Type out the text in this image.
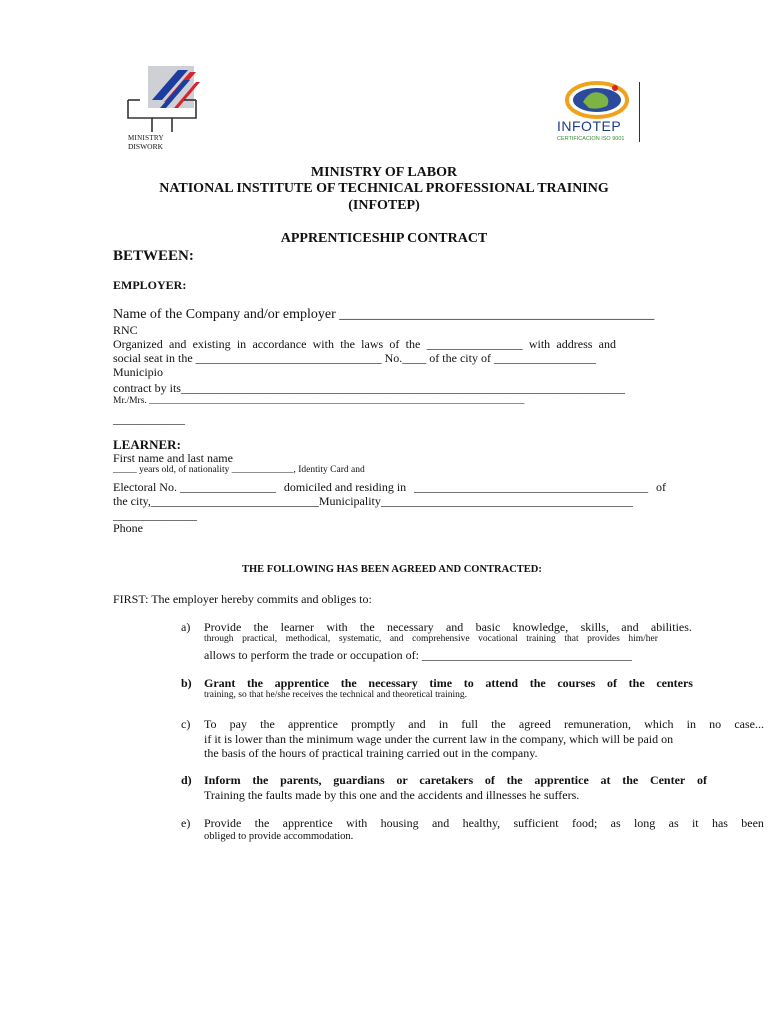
MINISTRY
DISWORK
INFOTEP
CERTIFICACION ISO 9001
MINISTRY OF LABOR
NATIONAL INSTITUTE OF TECHNICAL PROFESSIONAL TRAINING
(INFOTEP)
APPRENTICESHIP CONTRACT
BETWEEN:
EMPLOYER:
Name of the Company and/or employer _____________________________________________
RNC
Organized and existing in accordance with the laws of the ________________ with address and
social seat in the _______________________________ No.____ of the city of _________________
Municipio
contract by its__________________________________________________________________________
Mr./Mrs. _______________________________________________________________________________
____________
LEARNER:
First name and last name
_____ years old, of nationality _____________, Identity Card and
Electoral No. ________________ domiciled and residing in _______________________________________ of
the city,____________________________Municipality__________________________________________
______________
Phone
THE FOLLOWING HAS BEEN AGREED AND CONTRACTED:
FIRST: The employer hereby commits and obliges to:
a) Provide the learner with the necessary and basic knowledge, skills, and abilities.
through practical, methodical, systematic, and comprehensive vocational training that provides him/her
allows to perform the trade or occupation of: ___________________________________
b) Grant the apprentice the necessary time to attend the courses of the centers
training, so that he/she receives the technical and theoretical training.
c) To pay the apprentice promptly and in full the agreed remuneration, which in no case...
if it is lower than the minimum wage under the current law in the company, which will be paid on
the basis of the hours of practical training carried out in the company.
d) Inform the parents, guardians or caretakers of the apprentice at the Center of
Training the faults made by this one and the accidents and illnesses he suffers.
e) Provide the apprentice with housing and healthy, sufficient food; as long as it has been
obliged to provide accommodation.
